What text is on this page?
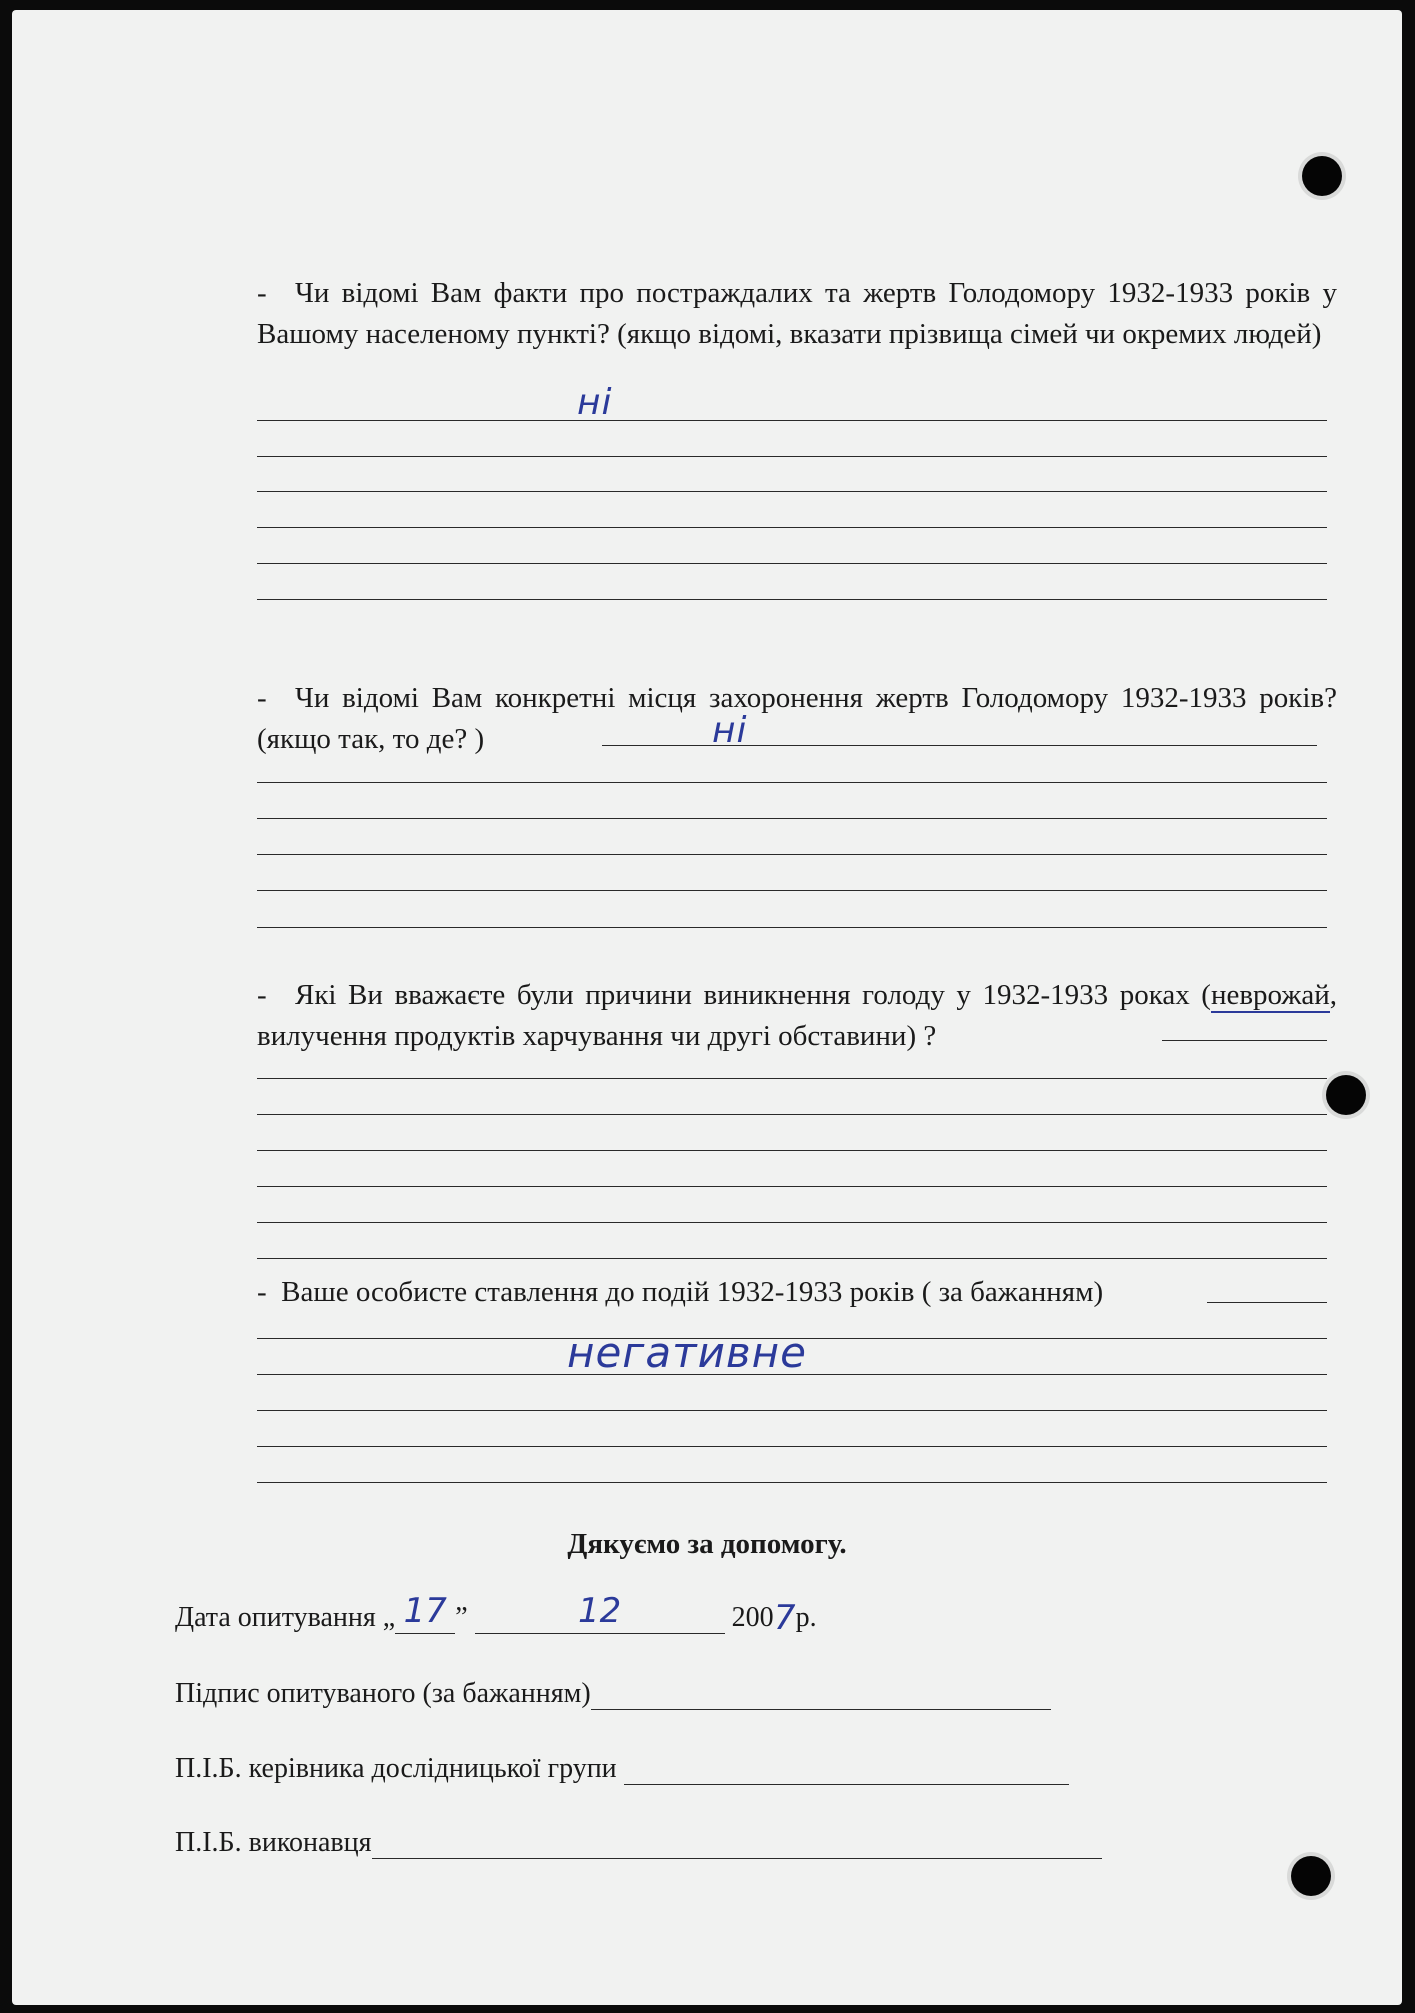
- Чи відомі Вам факти про постраждалих та жертв Голодомору 1932-1933 років у Вашому населеному пункті? (якщо відомі, вказати прізвища сімей чи окремих людей)
ні
- Чи відомі Вам конкретні місця захоронення жертв Голодомору 1932-1933 років? (якщо так, то де? )	ні
- Які Ви вважаєте були причини виникнення голоду у 1932-1933 роках (неврожай, вилучення продуктів харчування чи другі обставини) ?
- Ваше особисте ставлення до подій 1932-1933 років ( за бажанням)
негативне
Дякуємо за допомогу.
Дата опитування „ 17 ”	12	200 7 р.
Підпис опитуваного (за бажанням)
П.І.Б. керівника дослідницької групи
П.І.Б. виконавця
